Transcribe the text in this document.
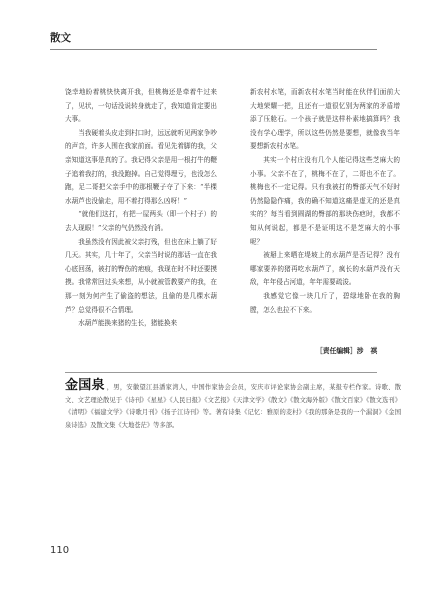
散文

饶幸地盼着桃快快离开我，但桃梅还是牵着牛过来了，见状，一句话没说转身就走了，我知道肯定要出大事。

当我硬着头皮走到村口时，远远就听见两家争吵的声音，许多人围在我家前面。看见先着脚的我，父亲知道这事是真的了。我记得父亲是用一根打牛的鞭子追着我打的，我没跑掉。自己觉得理亏，也没怎么跑，足二哥把父亲手中的那根鞭子夺了下来：“半棵水葫芦也没偷走，用不着打得那么凶呀！”

“就他们这打，有把一屋两头（即一个村子）的去人现眼！”父亲的气仍然没有消。

我虽然没有因此被父亲打残，但也在床上躺了好几天。其实，几十年了，父亲当时说的那话一直在我心底回荡，被打的臀伤的疤痕，我现在时不时还要摸摸。我常常回过头来想，从小就被管教要产的我，在那一刻为何产生了偷盗的想法，且偷的是几棵水葫芦？总觉得很不合情理。

水葫芦能换来猪的生长，猪能换来

新农村水笔，而新农村水笔当时能在伙伴们面前大大地荣耀一把，且还有一道很忆别为两家的矛盾增添了压舱石。一个孩子就是这样朴素地搞算吗？我没有学心理学，所以这些仍然是要想，就像我当年要想新农村水笔。

其实一个村庄没有几个人能记得这些芝麻大的小事。父亲不在了，桃梅不在了，二哥也不在了。桃梅也不一定记得。只有我被打的臀部天气不好时仍然隐隐作痛，我的确不知道这痛是虚无的还是真实的？每当看到圆湖的臀部的那块伤疤时，我都不知从何说起，都是不是证明这不是芝麻大的小事呢？

被掰上来晒在堤坡上的水葫芦是否记得？没有哪家要养的猪再吃水葫芦了，疯长的水葫芦没有天敌，年年侵占河道，年年需要疏浚。

我感觉它像一块几斤了，碧绿地卧在我的胸膛，怎么也拉不下来。

［责任编辑］涉　祺
金国泉 ，男，安徽望江县潘家湾人，中国作家协会会员，安庆市评论家协会副主席，某报专栏作家。诗歌、散文、文艺理论散见于《诗刊》《星星》《人民日报》《文艺报》《天津文学》《散文》《散文海外版》《散文百家》《散文选刊》《清明》《福建文学》《诗歌月刊》《扬子江诗刊》等。著有诗集《记忆：雅原的麦村》《我的那条是我的一个漏洞》《金国泉诗选》及散文集《大地苍茫》等多部。
110
